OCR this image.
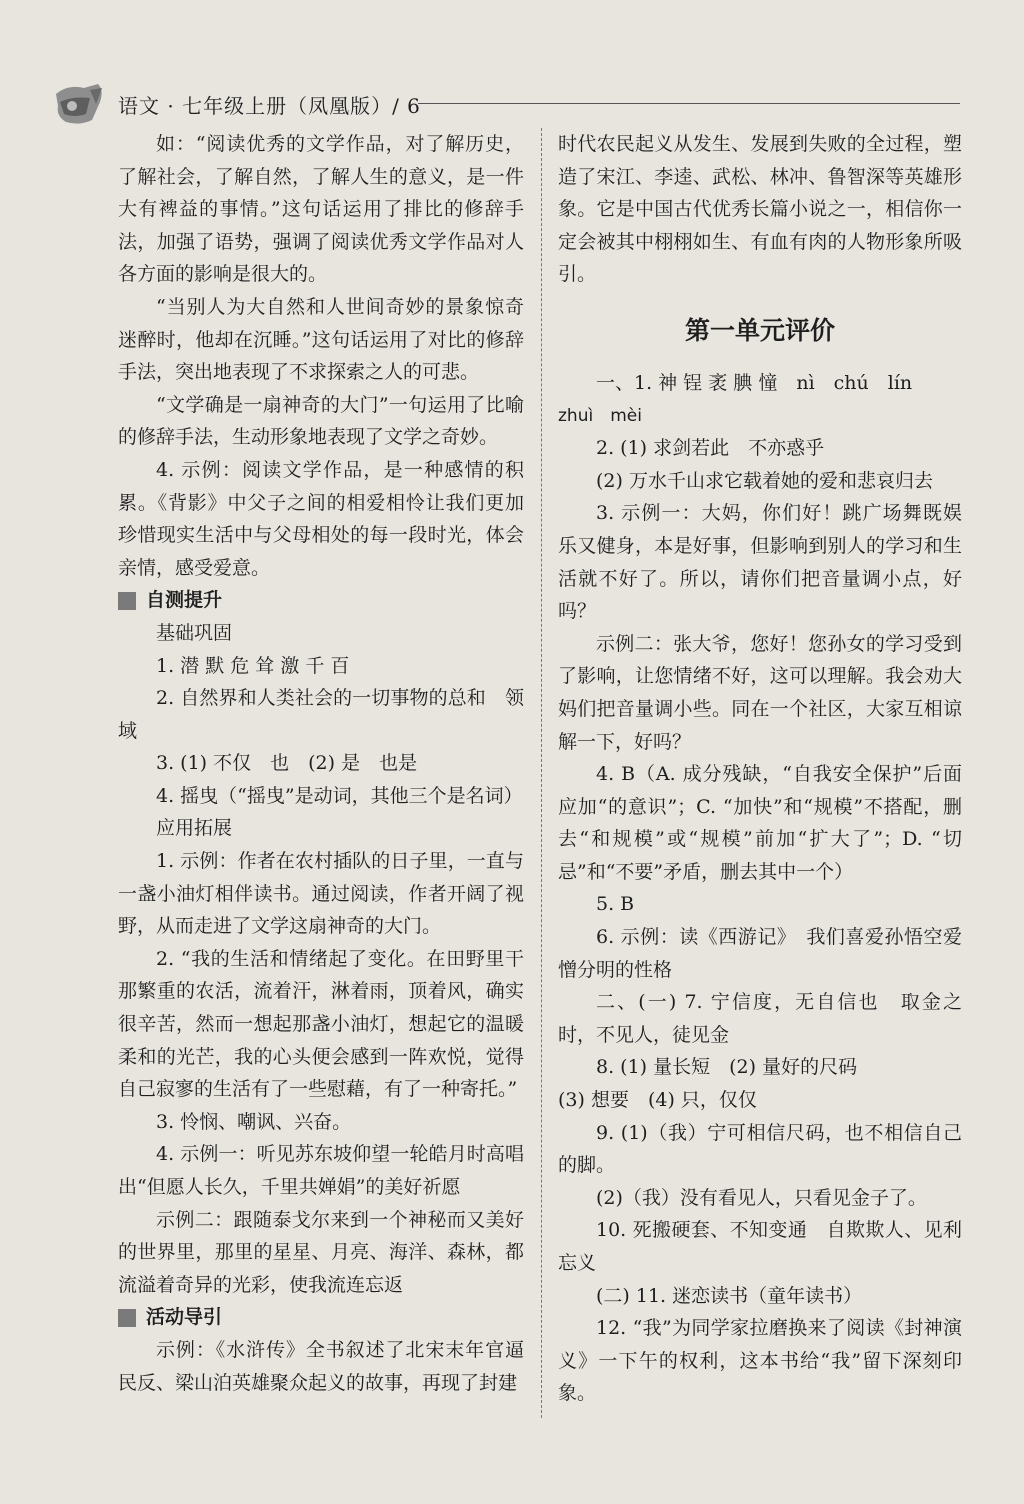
语文 · 七年级上册（凤凰版）/ 6

如：“阅读优秀的文学作品，对了解历史，了解社会，了解自然，了解人生的意义，是一件大有裨益的事情。”这句话运用了排比的修辞手法，加强了语势，强调了阅读优秀文学作品对人各方面的影响是很大的。

“当别人为大自然和人世间奇妙的景象惊奇迷醉时，他却在沉睡。”这句话运用了对比的修辞手法，突出地表现了不求探索之人的可悲。

“文学确是一扇神奇的大门”一句运用了比喻的修辞手法，生动形象地表现了文学之奇妙。

4. 示例：阅读文学作品，是一种感情的积累。《背影》中父子之间的相爱相怜让我们更加珍惜现实生活中与父母相处的每一段时光，体会亲情，感受爱意。

自测提升

基础巩固

1. 潜 默 危 耸 激 千 百

2. 自然界和人类社会的一切事物的总和　领域

3. (1) 不仅　也　(2) 是　也是

4. 摇曳（“摇曳”是动词，其他三个是名词）

应用拓展

1. 示例：作者在农村插队的日子里，一直与一盏小油灯相伴读书。通过阅读，作者开阔了视野，从而走进了文学这扇神奇的大门。

2. “我的生活和情绪起了变化。在田野里干那繁重的农活，流着汗，淋着雨，顶着风，确实很辛苦，然而一想起那盏小油灯，想起它的温暖柔和的光芒，我的心头便会感到一阵欢悦，觉得自己寂寥的生活有了一些慰藉，有了一种寄托。”

3. 怜悯、嘲讽、兴奋。

4. 示例一：听见苏东坡仰望一轮皓月时高唱出“但愿人长久，千里共婵娟”的美好祈愿

示例二：跟随泰戈尔来到一个神秘而又美好的世界里，那里的星星、月亮、海洋、森林，都流溢着奇异的光彩，使我流连忘返

活动导引

示例：《水浒传》全书叙述了北宋末年官逼民反、梁山泊英雄聚众起义的故事，再现了封建

时代农民起义从发生、发展到失败的全过程，塑造了宋江、李逵、武松、林冲、鲁智深等英雄形象。它是中国古代优秀长篇小说之一，相信你一定会被其中栩栩如生、有血有肉的人物形象所吸引。

第一单元评价

一、1. 神 锃 袤 腆 憧　nì　chú　lín

zhuì　mèi

2. (1) 求剑若此　不亦惑乎

(2) 万水千山求它载着她的爱和悲哀归去

3. 示例一：大妈，你们好！跳广场舞既娱乐又健身，本是好事，但影响到别人的学习和生活就不好了。所以，请你们把音量调小点，好吗？

示例二：张大爷，您好！您孙女的学习受到了影响，让您情绪不好，这可以理解。我会劝大妈们把音量调小些。同在一个社区，大家互相谅解一下，好吗？

4. B（A. 成分残缺，“自我安全保护”后面应加“的意识”；C. “加快”和“规模”不搭配，删去“和规模”或“规模”前加“扩大了”；D. “切忌”和“不要”矛盾，删去其中一个）

5. B

6. 示例：读《西游记》　我们喜爱孙悟空爱憎分明的性格

二、(一) 7. 宁信度，无自信也　取金之时，不见人，徒见金

8. (1) 量长短　(2) 量好的尺码

(3) 想要　(4) 只，仅仅

9. (1)（我）宁可相信尺码，也不相信自己的脚。

(2)（我）没有看见人，只看见金子了。

10. 死搬硬套、不知变通　自欺欺人、见利忘义

(二) 11. 迷恋读书（童年读书）

12. “我”为同学家拉磨换来了阅读《封神演义》一下午的权利，这本书给“我”留下深刻印象。
